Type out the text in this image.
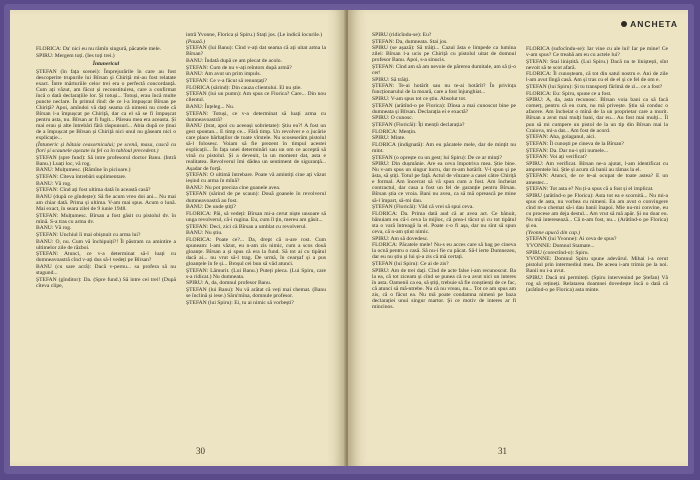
FLORICA: Da' nici eu nu rămîn singură, păcatele mele.

SPIRU: Mergem toți. (Ies toți trei.)

Întunericul

ȘTEFAN (în fața scenei): Împrejurările în care au fost descoperite trupurile lui Bîrsan și Chiriță mi-au fost relatate exact. Între mărturiile celor trei era o perfectă concordanță. Cum ați văzut, am făcut și reconstituirea, care a confirmat încă o dată declarațiile lor. Și totuși... Totuși, erau încă multe puncte neclare. În primul rînd: de ce l-a împușcat Bîrsan pe Chiriță? Apoi, amîndoi vă dați seama că nimeni nu crede că Bîrsan l-a împușcat pe Chiriță, dar ca el să se fi împușcat pentru asta, nu. Bîrsan ar fi fugit... Păreau mea era aceasta. Și mai erau și alte întrebări fără răspunsuri... Abia după ce ținui de a împușcat pe Bîrsan și Chiriță nici unul nu găseam nici o explicație...

(Întuneric și bătaia ceasornicului; pe scenă, masa, cască cu flori și scaunele așezate la fel ca în tabloul precedent.)

ȘTEFAN (spre fund): Să intre profesorul doctor Banu. (Intră Banu.) Luați loc, vă rog.

BANU: Mulțumesc. (Rămîne în picioare.)

ȘTEFAN: Cîteva întrebări suplimentare.

BANU: Vă rog.

ȘTEFAN: Cînd ați fost ultima dată în această casă?

BANU (după ce gîndește): Să fie acum vreo doi ani... Nu mai am chiar dată. Prima și ultima. V-am mai spus. Acum o lună. Mai exact, în seara zilei de 9 iunie 1948.

ȘTEFAN: Mulțumesc. Bîrsan a fost găsit cu pistolul dv. în mînă. S-a tras cu arma dv.

BANU: Vă rog.

ȘTEFAN: Unchiul îi mai obișnuit cu arma lui?

BANU: O, nu. Cum vă închipuiți?! Îl păstram ca amintire a ultimelor zile de război.

ȘTEFAN: Atunci, ce v-a determinat să-l luați cu dumneavoastră cînd v-ați dus să-l vedeți pe Bîrsan?

BANU (cu sare acră): Dacă v-pernu... sa profera să nu stagund...

ȘTEFAN (gînditor): Da. (Spre fund.) Să intre cei trei! (După cîteva clipe,

intră Yvonne, Florica și Spiru.) Stați jos. (Le indică locurile.)

(Pauză.)

ȘTEFAN (lui Banu): Cînd v-ați dat seama că ați uitat arma la Bîrsan?

BANU: Îndată după ce am plecat de acolo.

ȘTEFAN: Cum de nu v-ați reîntors după armă?

BANU: Am avut un prim impuls.

ȘTEFAN: Ce v-a făcut să renunțați?

FLORICA (sârind): Din cauza clientului. El nu știe.

ȘTEFAN (lui un pumn): Am spus ce Florica? Care... Din nou clientul.

BANU: Înțeleg... Nu.

ȘTEFAN: Totuși, ce v-a determinat să luați arma cu dumneavoastră?

BANU (brat, apoi cu aceeași sobrietate): Știu eu?! A fost un gest spontan... E timp ce... Fără timp. Un revolver e o jucărie care place bărbaților de toate vîrstele. Nu scoseserăm pistolul să-l folosesc. Voiam să fie prezent în timpul acestei explicații... În fața unei determinări sau un om ce acceptă să vină cu pistolul. Și a devenit, la un moment dat, asta e realitatea. Revolverul îmi dădea un sentiment de siguranță... Așadar de forță.

ȘTEFAN: O ultimă întrebare. Poate vă amintiți cine ați văzut ieșind cu arma în mînă?

BANU: Nu pot preciza cine goanele avea.

ȘTEFAN (sărind de pe scaun): Două goanele în revolverul dumneavoastră au fost.

BANU: De unde știți?

FLORICA: Păi, să vedeți: Bîrsan mi-a cerut niște unsoare să unga revolverul, că-i rugina. Eu, cum îl țin, mereu am găsit...

ȘTEFAN: Deci, zici că Bîrsan a umblat cu revolverul.

BANU: Nu știu.

FLORICA: Poate ce?... Da, drept că n-are rost. Cum spuneam: l-am văzut, eu n-am zis nimic, cum a scos două gloanțe. Bîrsan a și spus că era la fund. Să tot ai cu tipătul dacă ai... nu vrut să-l trag. De urmă, în cearșaf și a pus gloanțele în fe și... Broșul cei bun să văd atunci.

ȘTEFAN: Lămurit. (Lui Banu.) Puteți pleca. (Lui Spiru, care s-a ridicat.) Nu dumneata.

SPIRU: A, da, domnul profesor Banu.

ȘTEFAN (lui Banu): Nu vă arătat că veți mai chemat. (Banu se înclină și iese.) Săru'mîna, domnule profesor.

ȘTEFAN (lui Spiru): Ei, tu ai nimic să vorbești?

30
ANCHETA

SPIRU (ridicîndu-se): Eu?

ȘTEFAN: Da, dumneata. Stai jos.

SPIRU (se așază): Să trăiți... Cazul ăsta e limpede ca lumina zilei: Bîrsan l-a ucis pe Chiriță cu pistolul uitat de domnul profesor Banu. Apoi, s-a sinucis.

ȘTEFAN: Cînd am să am nevoie de părerea dumitale, am să ți-o cer!

SPIRU: Să trăiți.

ȘTEFAN: Te-ai hotărît sau nu te-ai hotărît? În privința funcționarului de la moară, care a fost înjunghiat...

SPIRU: V-am spus tot ce știu. Absolut tot.

ȘTEFAN (arătînd-o pe Florica): Dînsa a mai cunoscut bine pe dumneata și Bîrsan. Declarația ei e exactă?

SPIRU: O cunosc.

ȘTEFAN (Floricăi): Îți menții declarația?

FLORICA: Mențin.

SPIRU: Minte.

FLORICA (indignată): Am eu păcatele mele, dar de mințit nu mint.

ȘTEFAN (o oprește cu un gest; lui Spiru): De ce ar minți?

SPIRU: Din dușmănie. Are ea ceva împotriva mea. Știe bine. Nu v-am spus un singur lucru, dar m-am hotărît. V-l spun și pe ăsta, să știți. Totul pe față. Actul de vînzare a casei către Chiriță e formal. Am încercat să vă spun cum a fost. Am încheiat contractul, dar casa a fost un fel de garanție pentru Bîrsan. Bîrsan știa ce vroia. Bani nu avea, ca să mă oprească pe mine să-l împart, să-mi dau.

ȘTEFAN (Floricăi): Văd că vrei să spui ceva.

FLORICA: Da. Prima dată aud că ar avea act. Ce bănuit, bănuiam eu că-i ceva la mijloc, că prea-i tăcut și cu tot tipătul sta o vară întreagă la el. Poate c-o fi așa, dar nu sînt să spun ceva, că n-am știut nimic.

SPIRU: Am să dovedesc.

FLORICA: Păcatele mele! Nu-s eu acces care să bag pe cineva la ocnă pentru o casă. Să nu-i fie cu păcat. Să-l ierte Dumnezeu, dar eu nu știu și lui și-a zis că mă certați.

ȘTEFAN (lui Spiru): Ce ai de zis?

SPIRU: Am de trei dați. Cînd de acte false i-am recunoscut. Ba la ea, că tot ziceam și cînd se punea că n-a avut nici un interes în asta. Oamenii ca ea, să știți, trebuie să fie conștienți de ce fac, că atunci să mă-ntrebe. Nu că nu vreau, nu... Tot ce am spus am zis, că o făcut ea. Nu mă poate condamna nimeni pe baza declarației unui singur martor. Și ce motiv de interes ar fi mincinos.

FLORICA (sufocîndu-se): Iar vine cu ale lui! Iar pe mine! Ce v-am spus? Ce treabă am eu cu actele lui?

ȘTEFAN: Stai liniștită. (Lui Spiru.) Dacă nu te liniștești, sînt nevoit să te scot afară.

FLORICA: Îl cunoșteam, că tot din satul nostru e. Ani de zile l-am avut lîngă casă. Am și tras cu el de el și ce fel de om e.

ȘTEFAN (lui Spiru): Și tu transporți fărîmă de zi... ce a fost?

FLORICA: Eu: Spiru, spune ce a fost.

SPIRU: A, da, asta recunosc. Bîrsan voia bani ca să facă comerț, pentru că eu cum, nu mă privește. Știu să conduc o afacere. Am încheiat o mînă de la un proprietar care a murit. Bîrsan a avut mai mulți bani, dar eu... Au fost mai mulți... Îl pun să mi cumpere un pistol de la un tip din Bîrsan mai la Craiova, mi-a dat... Am fost de acord.

ȘTEFAN: Aha, golaganul, aici.

ȘTEFAN: Îl cunoști pe cineva de la Bîrsan?

ȘTEFAN: Da. Dar nu-i știi numele...

ȘTEFAN: Voi ați verificat?

SPIRU: Am verificat. Bîrsan ne-a ajutat, l-am identificat cu amprentele lui. Știe și acum că banii au rămas la el.

ȘTEFAN: Atunci, de ce te-ai ocupat de toate astea? E un amestec...

ȘTEFAN: Tot asta e? Nu ți-a spus că a fost și el implicat.

SPIRU (arătînd-o pe Florica): Asta tot ea e scornită... Nu mi-a spus de asta, nu vorbea cu nimeni. Eu am avut o convingere cînd m-a chemat să-i dau banii înapoi. Mie nu-mi convine, eu cu procese am deja destul... Am vrut să mă apăr. Și nu doar eu. Nu mă interesează... Că n-am fost, nu... (Arătînd-o pe Florica) și ea.

(Yvonne apucă din cap.)

ȘTEFAN (lui Yvonne): Ai ceva de spus?

YVONNE: Domnul Stamate...

SPIRU (corectînd-o): Spiru.

YVONNE: Domnul Spiru spune adevărul. Mihai i-a cerut pistolul prin intermediul meu. De aceea i-am trimis pe la noi. Banii nu i-a avut.

SPIRU: Dacă mi permiteți. (Spiru intervenind pe Ștefan) Vă rog să rețineți. Relatarea doamnei dovedește încă o dată că (arătînd-o pe Florica) asta minte.

31
